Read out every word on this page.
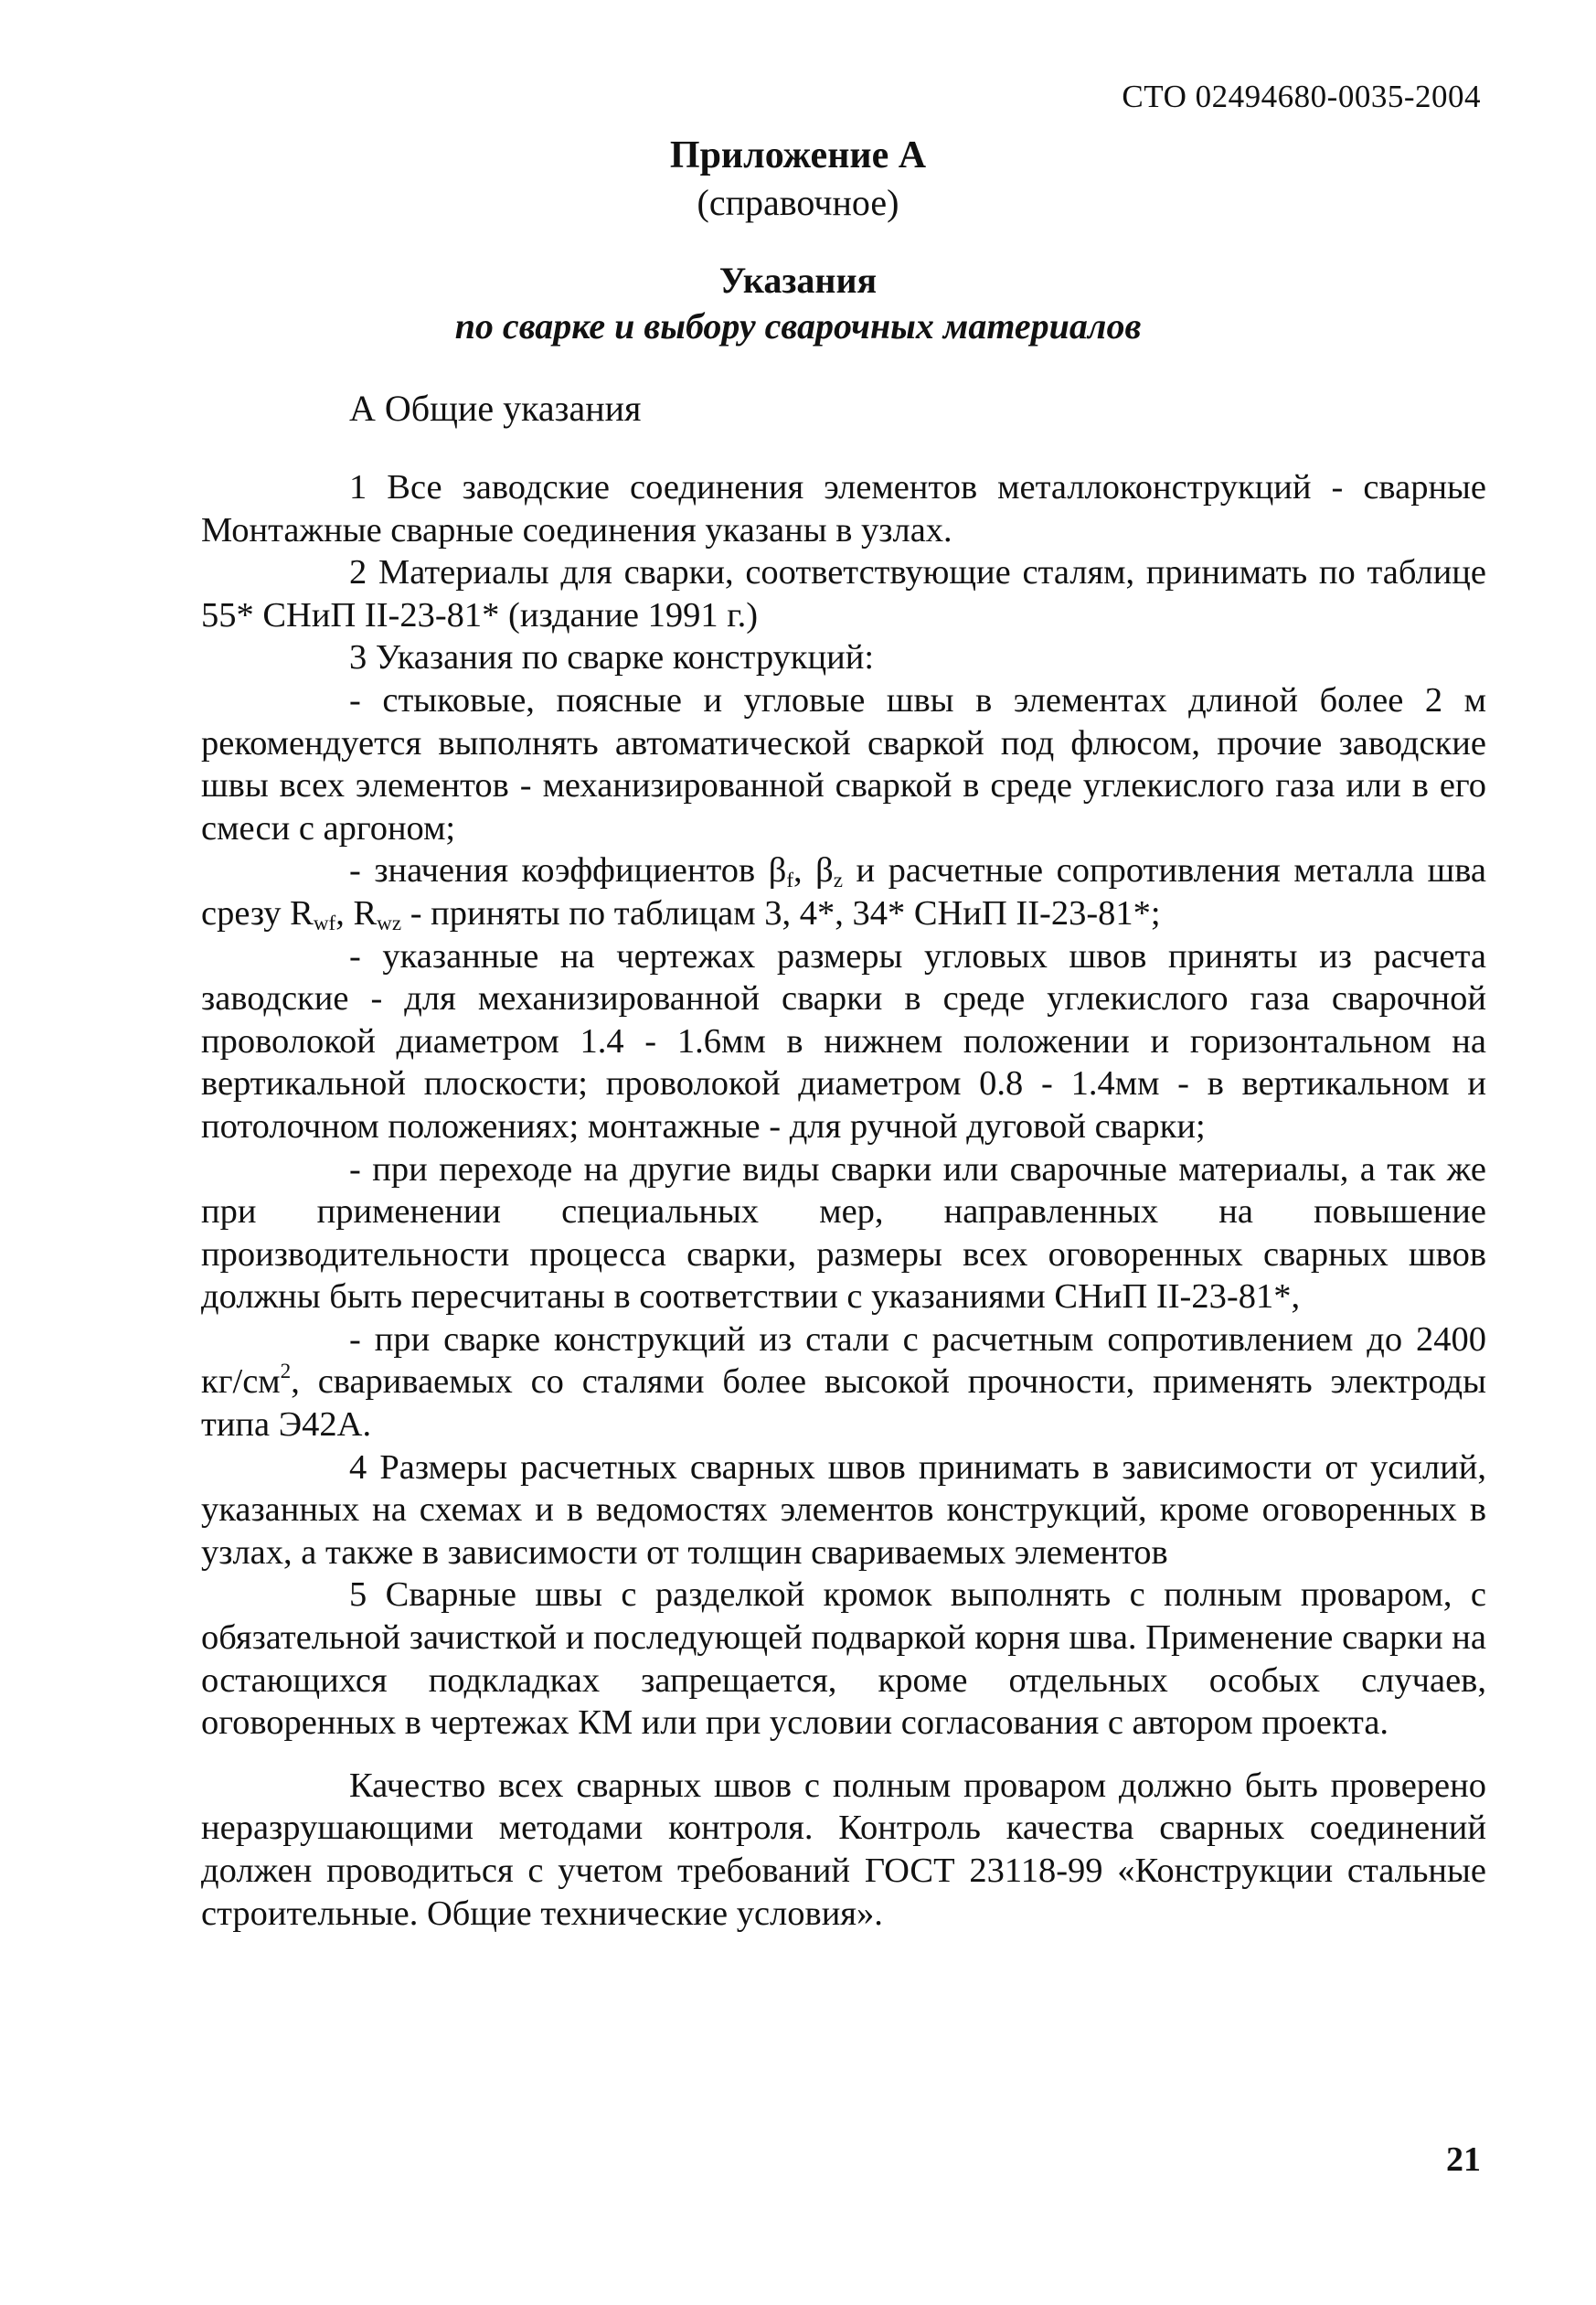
СТО 02494680-0035-2004
Приложение А
(справочное)
Указания
по сварке и выбору сварочных материалов
А Общие указания

1 Все заводские соединения элементов металлоконструкций - сварные Монтажные сварные соединения указаны в узлах.

2 Материалы для сварки, соответствующие сталям, принимать по таблице 55* СНиП II-23-81* (издание 1991 г.)

3 Указания по сварке конструкций:

- стыковые, поясные и угловые швы в элементах длиной более 2 м рекомендуется выполнять автоматической сваркой под флюсом, прочие заводские швы всех элементов - механизированной сваркой в среде углекислого газа или в его смеси с аргоном;

- значения коэффициентов $\beta_f$, $\beta_z$ и расчетные сопротивления металла шва срезу $R_{wf}$, $R_{wz}$ - приняты по таблицам 3, 4*, 34* СНиП II-23-81*;

- указанные на чертежах размеры угловых швов приняты из расчета заводские - для механизированной сварки в среде углекислого газа сварочной проволокой диаметром 1.4 - 1.6мм в нижнем положении и горизонтальном на вертикальной плоскости; проволокой диаметром 0.8 - 1.4мм - в вертикальном и потолочном положениях; монтажные - для ручной дуговой сварки;

- при переходе на другие виды сварки или сварочные материалы, а так же при применении специальных мер, направленных на повышение производительности процесса сварки, размеры всех оговоренных сварных швов должны быть пересчитаны в соответствии с указаниями СНиП II-23-81*,

- при сварке конструкций из стали с расчетным сопротивлением до 2400 $кг/см^2$, свариваемых со сталями более высокой прочности, применять электроды типа Э42А.

4 Размеры расчетных сварных швов принимать в зависимости от усилий, указанных на схемах и в ведомостях элементов конструкций, кроме оговоренных в узлах, а также в зависимости от толщин свариваемых элементов

5 Сварные швы с разделкой кромок выполнять с полным проваром, с обязательной зачисткой и последующей подваркой корня шва. Применение сварки на остающихся подкладках запрещается, кроме отдельных особых случаев, оговоренных в чертежах КМ или при условии согласования с автором проекта.

Качество всех сварных швов с полным проваром должно быть проверено неразрушающими методами контроля. Контроль качества сварных соединений должен проводиться с учетом требований ГОСТ 23118-99 «Конструкции стальные строительные. Общие технические условия».

21
